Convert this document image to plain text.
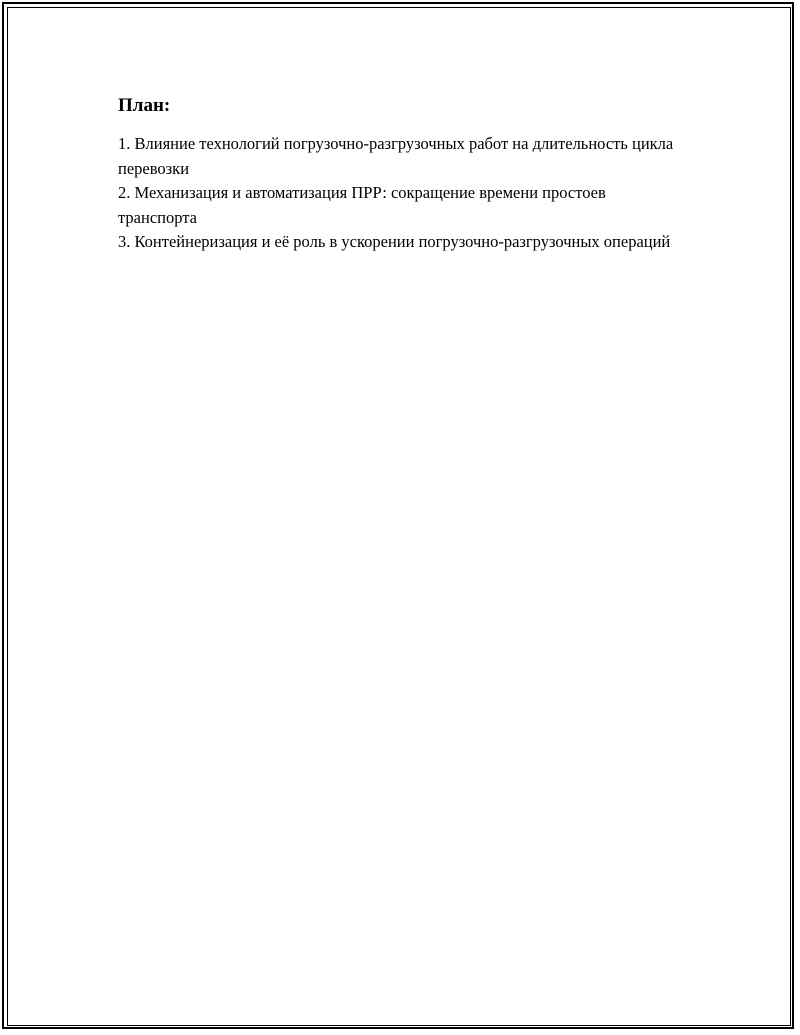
План:
1. Влияние технологий погрузочно-разгрузочных работ на длительность цикла перевозки
2. Механизация и автоматизация ПРР: сокращение времени простоев транспорта
3. Контейнеризация и её роль в ускорении погрузочно-разгрузочных операций
